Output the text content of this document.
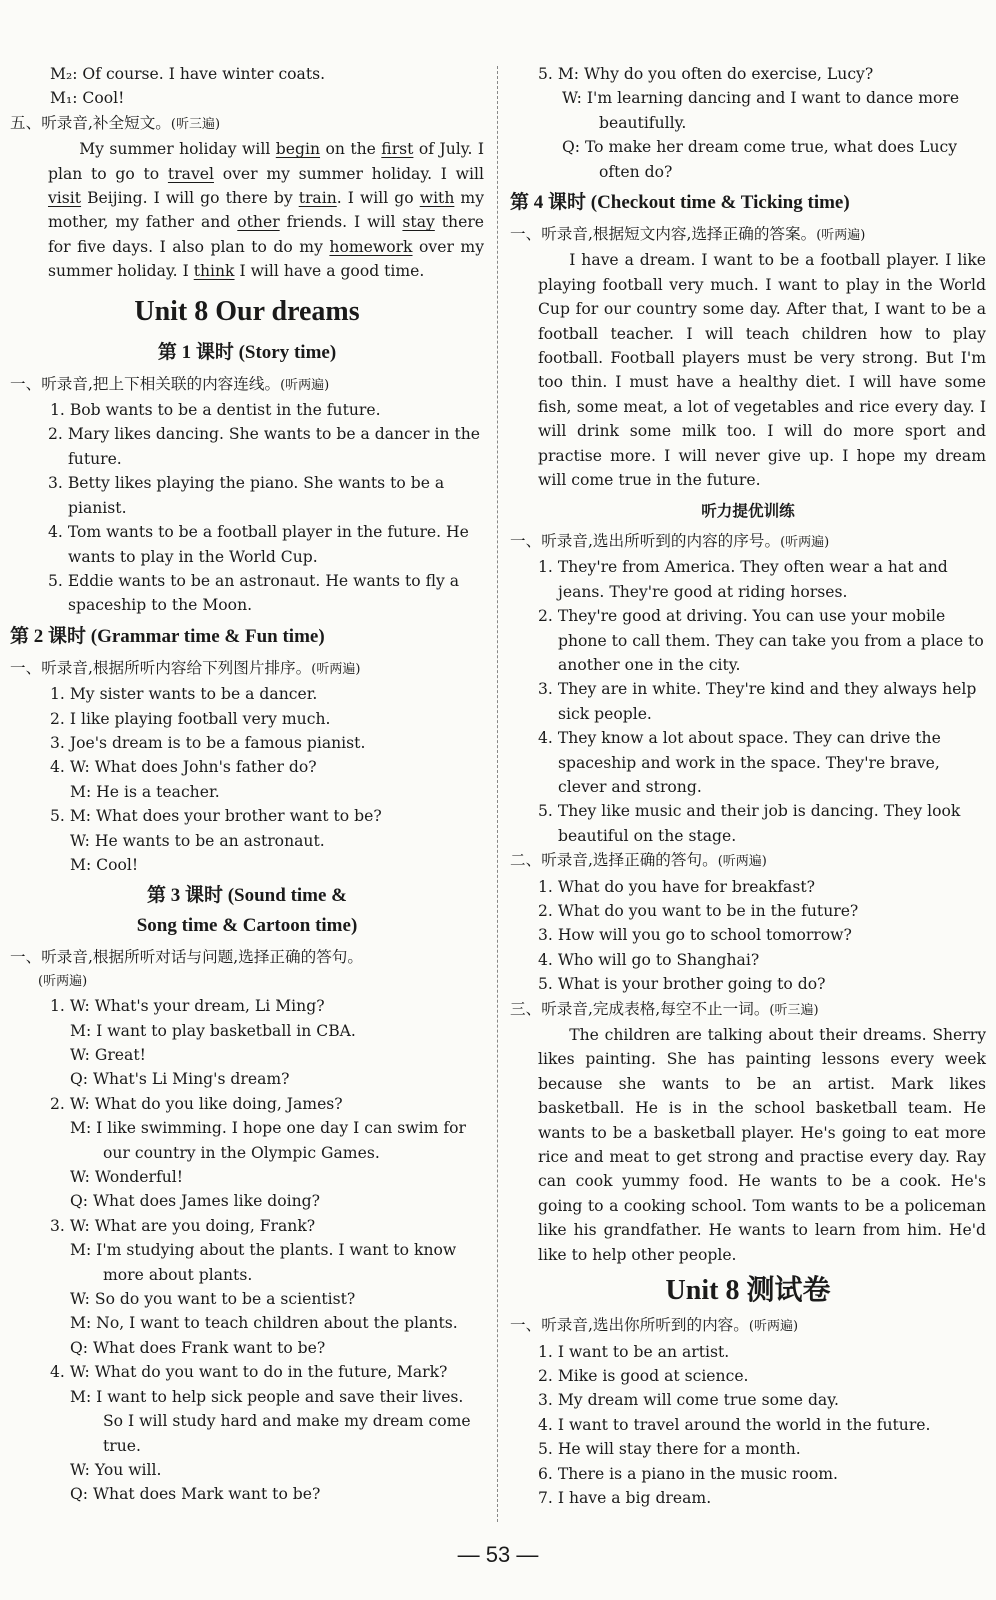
M₂: Of course. I have winter coats.

M₁: Cool!

五、听录音,补全短文。(听三遍)

My summer holiday will begin on the first of July. I plan to go to travel over my summer holiday. I will visit Beijing. I will go there by train. I will go with my mother, my father and other friends. I will stay there for five days. I also plan to do my homework over my summer holiday. I think I will have a good time.

Unit 8 Our dreams
第 1 课时 (Story time)

一、听录音,把上下相关联的内容连线。(听两遍)

1. Bob wants to be a dentist in the future.

2. Mary likes dancing. She wants to be a dancer in the future.

3. Betty likes playing the piano. She wants to be a pianist.

4. Tom wants to be a football player in the future. He wants to play in the World Cup.

5. Eddie wants to be an astronaut. He wants to fly a spaceship to the Moon.

第 2 课时 (Grammar time & Fun time)

一、听录音,根据所听内容给下列图片排序。(听两遍)

1. My sister wants to be a dancer.

2. I like playing football very much.

3. Joe's dream is to be a famous pianist.

4. W: What does John's father do?

M: He is a teacher.

5. M: What does your brother want to be?

W: He wants to be an astronaut.

M: Cool!

第 3 课时 (Sound time &
Song time & Cartoon time)

一、听录音,根据所听对话与问题,选择正确的答句。

(听两遍)

1. W: What's your dream, Li Ming?

M: I want to play basketball in CBA.

W: Great!

Q: What's Li Ming's dream?

2. W: What do you like doing, James?

M: I like swimming. I hope one day I can swim for our country in the Olympic Games.

W: Wonderful!

Q: What does James like doing?

3. W: What are you doing, Frank?

M: I'm studying about the plants. I want to know more about plants.

W: So do you want to be a scientist?

M: No, I want to teach children about the plants.

Q: What does Frank want to be?

4. W: What do you want to do in the future, Mark?

M: I want to help sick people and save their lives. So I will study hard and make my dream come true.

W: You will.

Q: What does Mark want to be?

5. M: Why do you often do exercise, Lucy?

W: I'm learning dancing and I want to dance more beautifully.

Q: To make her dream come true, what does Lucy often do?

第 4 课时 (Checkout time & Ticking time)

一、听录音,根据短文内容,选择正确的答案。(听两遍)

I have a dream. I want to be a football player. I like playing football very much. I want to play in the World Cup for our country some day. After that, I want to be a football teacher. I will teach children how to play football. Football players must be very strong. But I'm too thin. I must have a healthy diet. I will have some fish, some meat, a lot of vegetables and rice every day. I will drink some milk too. I will do more sport and practise more. I will never give up. I hope my dream will come true in the future.

听力提优训练

一、听录音,选出所听到的内容的序号。(听两遍)

1. They're from America. They often wear a hat and jeans. They're good at riding horses.

2. They're good at driving. You can use your mobile phone to call them. They can take you from a place to another one in the city.

3. They are in white. They're kind and they always help sick people.

4. They know a lot about space. They can drive the spaceship and work in the space. They're brave, clever and strong.

5. They like music and their job is dancing. They look beautiful on the stage.

二、听录音,选择正确的答句。(听两遍)

1. What do you have for breakfast?

2. What do you want to be in the future?

3. How will you go to school tomorrow?

4. Who will go to Shanghai?

5. What is your brother going to do?

三、听录音,完成表格,每空不止一词。(听三遍)

The children are talking about their dreams. Sherry likes painting. She has painting lessons every week because she wants to be an artist. Mark likes basketball. He is in the school basketball team. He wants to be a basketball player. He's going to eat more rice and meat to get strong and practise every day. Ray can cook yummy food. He wants to be a cook. He's going to a cooking school. Tom wants to be a policeman like his grandfather. He wants to learn from him. He'd like to help other people.

Unit 8 测试卷

一、听录音,选出你所听到的内容。(听两遍)

1. I want to be an artist.

2. Mike is good at science.

3. My dream will come true some day.

4. I want to travel around the world in the future.

5. He will stay there for a month.

6. There is a piano in the music room.

7. I have a big dream.

— 53 —
